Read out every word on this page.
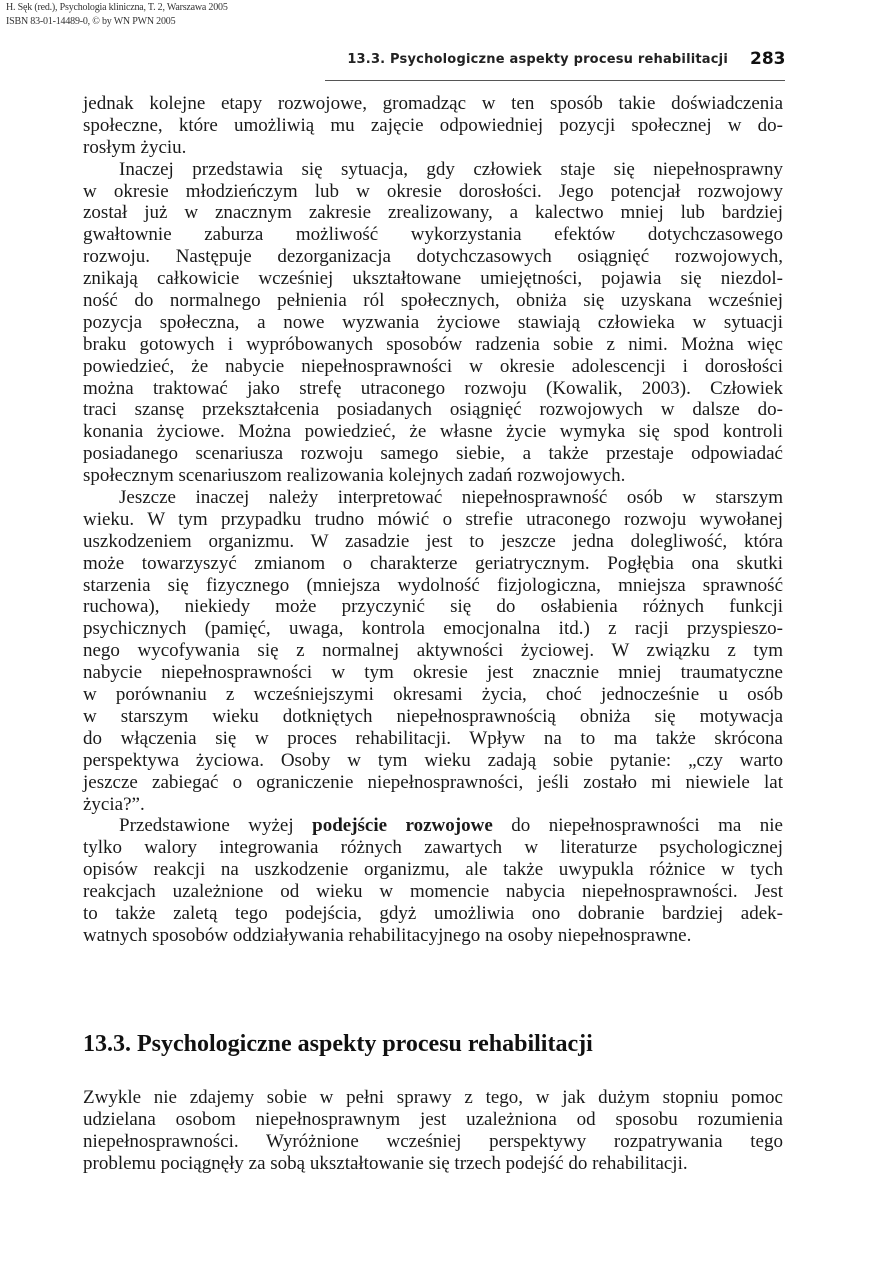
H. Sęk (red.), Psychologia kliniczna, T. 2, Warszawa 2005
ISBN 83-01-14489-0, © by WN PWN 2005
13.3. Psychologiczne aspekty procesu rehabilitacji 283
jednak kolejne etapy rozwojowe, gromadząc w ten sposób takie doświadczenia
społeczne, które umożliwią mu zajęcie odpowiedniej pozycji społecznej w do-
rosłym życiu.
Inaczej przedstawia się sytuacja, gdy człowiek staje się niepełnosprawny
w okresie młodzieńczym lub w okresie dorosłości. Jego potencjał rozwojowy
został już w znacznym zakresie zrealizowany, a kalectwo mniej lub bardziej
gwałtownie zaburza możliwość wykorzystania efektów dotychczasowego
rozwoju. Następuje dezorganizacja dotychczasowych osiągnięć rozwojowych,
znikają całkowicie wcześniej ukształtowane umiejętności, pojawia się niezdol-
ność do normalnego pełnienia ról społecznych, obniża się uzyskana wcześniej
pozycja społeczna, a nowe wyzwania życiowe stawiają człowieka w sytuacji
braku gotowych i wypróbowanych sposobów radzenia sobie z nimi. Można więc
powiedzieć, że nabycie niepełnosprawności w okresie adolescencji i dorosłości
można traktować jako strefę utraconego rozwoju (Kowalik, 2003). Człowiek
traci szansę przekształcenia posiadanych osiągnięć rozwojowych w dalsze do-
konania życiowe. Można powiedzieć, że własne życie wymyka się spod kontroli
posiadanego scenariusza rozwoju samego siebie, a także przestaje odpowiadać
społecznym scenariuszom realizowania kolejnych zadań rozwojowych.
Jeszcze inaczej należy interpretować niepełnosprawność osób w starszym
wieku. W tym przypadku trudno mówić o strefie utraconego rozwoju wywołanej
uszkodzeniem organizmu. W zasadzie jest to jeszcze jedna dolegliwość, która
może towarzyszyć zmianom o charakterze geriatrycznym. Pogłębia ona skutki
starzenia się fizycznego (mniejsza wydolność fizjologiczna, mniejsza sprawność
ruchowa), niekiedy może przyczynić się do osłabienia różnych funkcji
psychicznych (pamięć, uwaga, kontrola emocjonalna itd.) z racji przyspieszo-
nego wycofywania się z normalnej aktywności życiowej. W związku z tym
nabycie niepełnosprawności w tym okresie jest znacznie mniej traumatyczne
w porównaniu z wcześniejszymi okresami życia, choć jednocześnie u osób
w starszym wieku dotkniętych niepełnosprawnością obniża się motywacja
do włączenia się w proces rehabilitacji. Wpływ na to ma także skrócona
perspektywa życiowa. Osoby w tym wieku zadają sobie pytanie: „czy warto
jeszcze zabiegać o ograniczenie niepełnosprawności, jeśli zostało mi niewiele lat
życia?”.
Przedstawione wyżej podejście rozwojowe do niepełnosprawności ma nie
tylko walory integrowania różnych zawartych w literaturze psychologicznej
opisów reakcji na uszkodzenie organizmu, ale także uwypukla różnice w tych
reakcjach uzależnione od wieku w momencie nabycia niepełnosprawności. Jest
to także zaletą tego podejścia, gdyż umożliwia ono dobranie bardziej adek-
watnych sposobów oddziaływania rehabilitacyjnego na osoby niepełnosprawne.
13.3. Psychologiczne aspekty procesu rehabilitacji
Zwykle nie zdajemy sobie w pełni sprawy z tego, w jak dużym stopniu pomoc
udzielana osobom niepełnosprawnym jest uzależniona od sposobu rozumienia
niepełnosprawności. Wyróżnione wcześniej perspektywy rozpatrywania tego
problemu pociągnęły za sobą ukształtowanie się trzech podejść do rehabilitacji.
